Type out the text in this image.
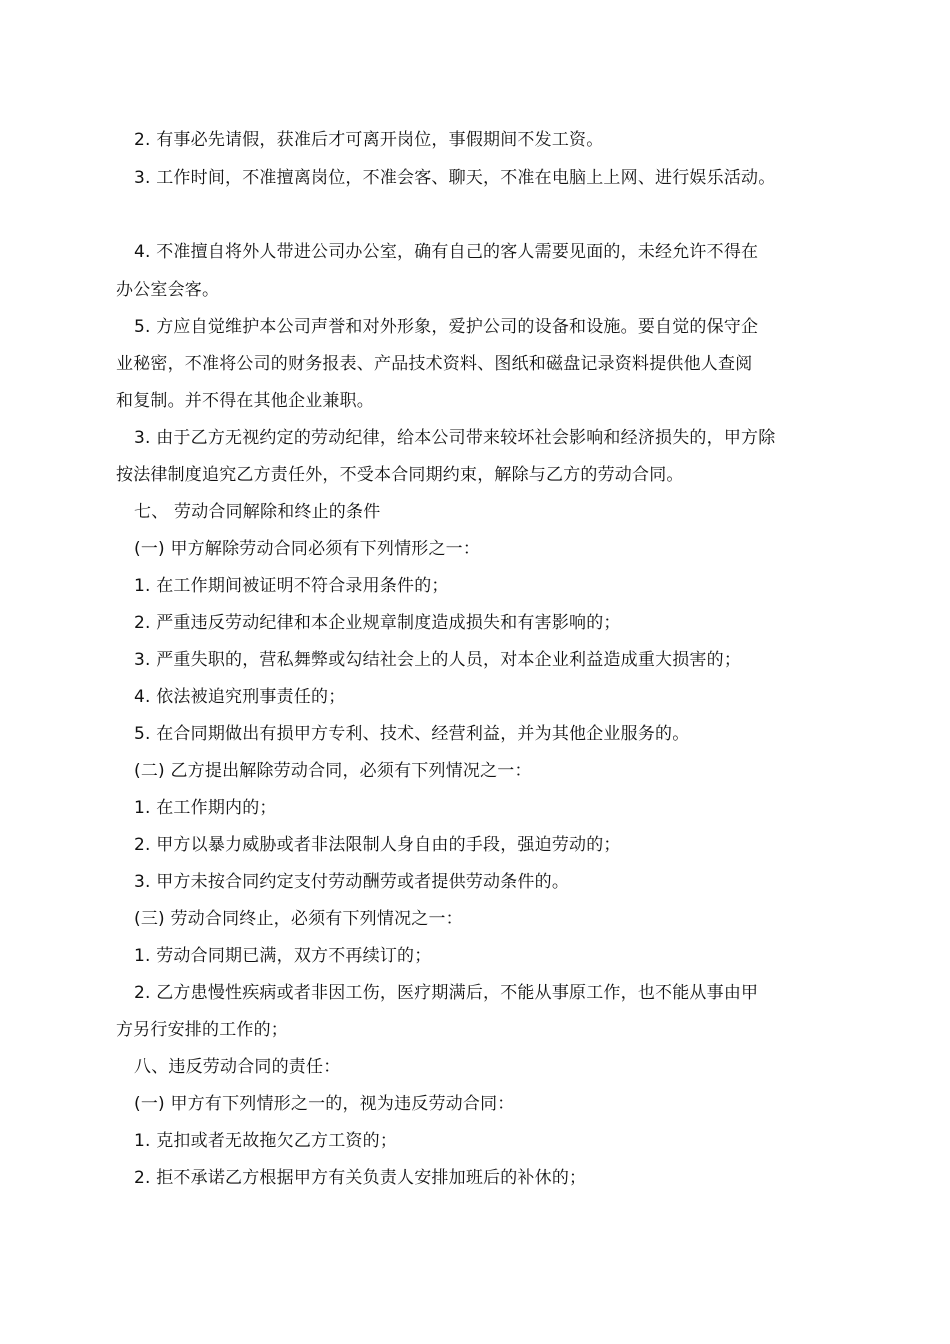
2. 有事必先请假，获准后才可离开岗位，事假期间不发工资。
3. 工作时间，不准擅离岗位，不准会客、聊天，不准在电脑上上网、进行娱乐活动。
4. 不准擅自将外人带进公司办公室，确有自己的客人需要见面的，未经允许不得在
办公室会客。
5. 方应自觉维护本公司声誉和对外形象，爱护公司的设备和设施。要自觉的保守企
业秘密，不准将公司的财务报表、产品技术资料、图纸和磁盘记录资料提供他人查阅
和复制。并不得在其他企业兼职。
3. 由于乙方无视约定的劳动纪律，给本公司带来较坏社会影响和经济损失的，甲方除
按法律制度追究乙方责任外，不受本合同期约束，解除与乙方的劳动合同。
七、 劳动合同解除和终止的条件
(一) 甲方解除劳动合同必须有下列情形之一：
1. 在工作期间被证明不符合录用条件的；
2. 严重违反劳动纪律和本企业规章制度造成损失和有害影响的；
3. 严重失职的，营私舞弊或勾结社会上的人员，对本企业利益造成重大损害的；
4. 依法被追究刑事责任的；
5. 在合同期做出有损甲方专利、技术、经营利益，并为其他企业服务的。
(二) 乙方提出解除劳动合同，必须有下列情况之一：
1. 在工作期内的；
2. 甲方以暴力威胁或者非法限制人身自由的手段，强迫劳动的；
3. 甲方未按合同约定支付劳动酬劳或者提供劳动条件的。
(三) 劳动合同终止，必须有下列情况之一：
1. 劳动合同期已满，双方不再续订的；
2. 乙方患慢性疾病或者非因工伤，医疗期满后，不能从事原工作，也不能从事由甲
方另行安排的工作的；
八、违反劳动合同的责任：
(一) 甲方有下列情形之一的，视为违反劳动合同：
1. 克扣或者无故拖欠乙方工资的；
2. 拒不承诺乙方根据甲方有关负责人安排加班后的补休的；
